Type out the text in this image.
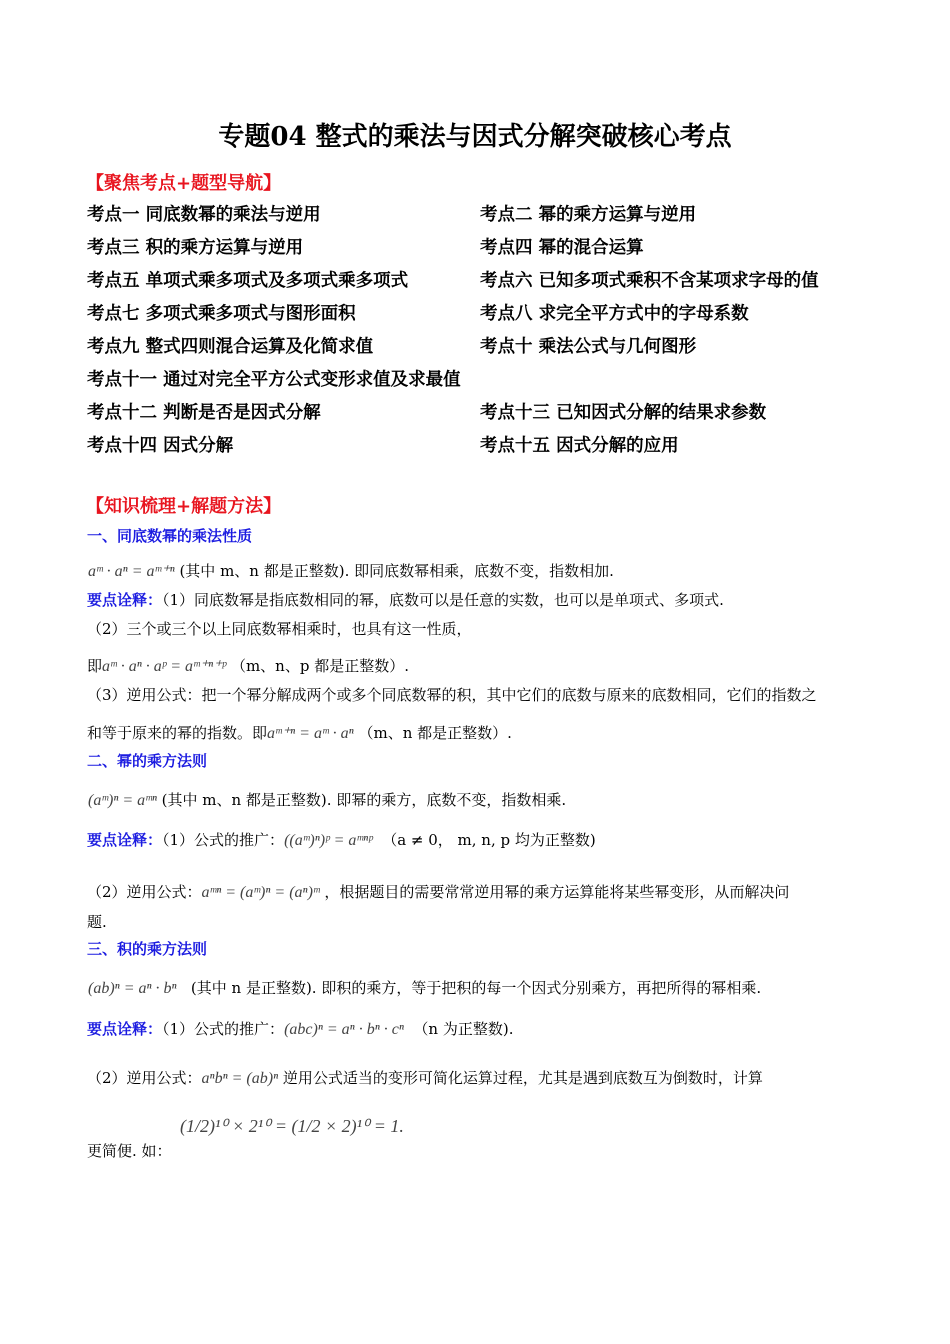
专题04 整式的乘法与因式分解突破核心考点
【聚焦考点+题型导航】
考点一 同底数幂的乘法与逆用	考点二 幂的乘方运算与逆用
考点三 积的乘方运算与逆用	考点四 幂的混合运算
考点五 单项式乘多项式及多项式乘多项式	考点六 已知多项式乘积不含某项求字母的值
考点七 多项式乘多项式与图形面积	考点八 求完全平方式中的字母系数
考点九 整式四则混合运算及化简求值	考点十 乘法公式与几何图形
考点十一 通过对完全平方公式变形求值及求最值
考点十二 判断是否是因式分解	考点十三 已知因式分解的结果求参数
考点十四 因式分解	考点十五 因式分解的应用
【知识梳理+解题方法】
一、同底数幂的乘法性质
aᵐ · aⁿ = aᵐ⁺ⁿ (其中 m、n 都是正整数). 即同底数幂相乘，底数不变，指数相加.
要点诠释：（1）同底数幂是指底数相同的幂，底数可以是任意的实数，也可以是单项式、多项式.
（2）三个或三个以上同底数幂相乘时，也具有这一性质，
即aᵐ · aⁿ · aᵖ = aᵐ⁺ⁿ⁺ᵖ （m、n、p 都是正整数）.
（3）逆用公式：把一个幂分解成两个或多个同底数幂的积，其中它们的底数与原来的底数相同，它们的指数之
和等于原来的幂的指数。即aᵐ⁺ⁿ = aᵐ · aⁿ （m、n 都是正整数）.
二、幂的乘方法则
(aᵐ)ⁿ = aᵐⁿ (其中 m、n 都是正整数). 即幂的乘方，底数不变，指数相乘.
要点诠释：（1）公式的推广：((aᵐ)ⁿ)ᵖ = aᵐⁿᵖ （a ≠ 0， m, n, p 均为正整数)
（2）逆用公式：aᵐⁿ = (aᵐ)ⁿ = (aⁿ)ᵐ ，根据题目的需要常常逆用幂的乘方运算能将某些幂变形，从而解决问
题.
三、积的乘方法则
(ab)ⁿ = aⁿ · bⁿ (其中 n 是正整数). 即积的乘方，等于把积的每一个因式分别乘方，再把所得的幂相乘.
要点诠释：（1）公式的推广：(abc)ⁿ = aⁿ · bⁿ · cⁿ （n 为正整数).
（2）逆用公式：aⁿbⁿ = (ab)ⁿ 逆用公式适当的变形可简化运算过程，尤其是遇到底数互为倒数时，计算
更简便. 如：
(1/2)¹⁰ × 2¹⁰ = (1/2 × 2)¹⁰ = 1.
